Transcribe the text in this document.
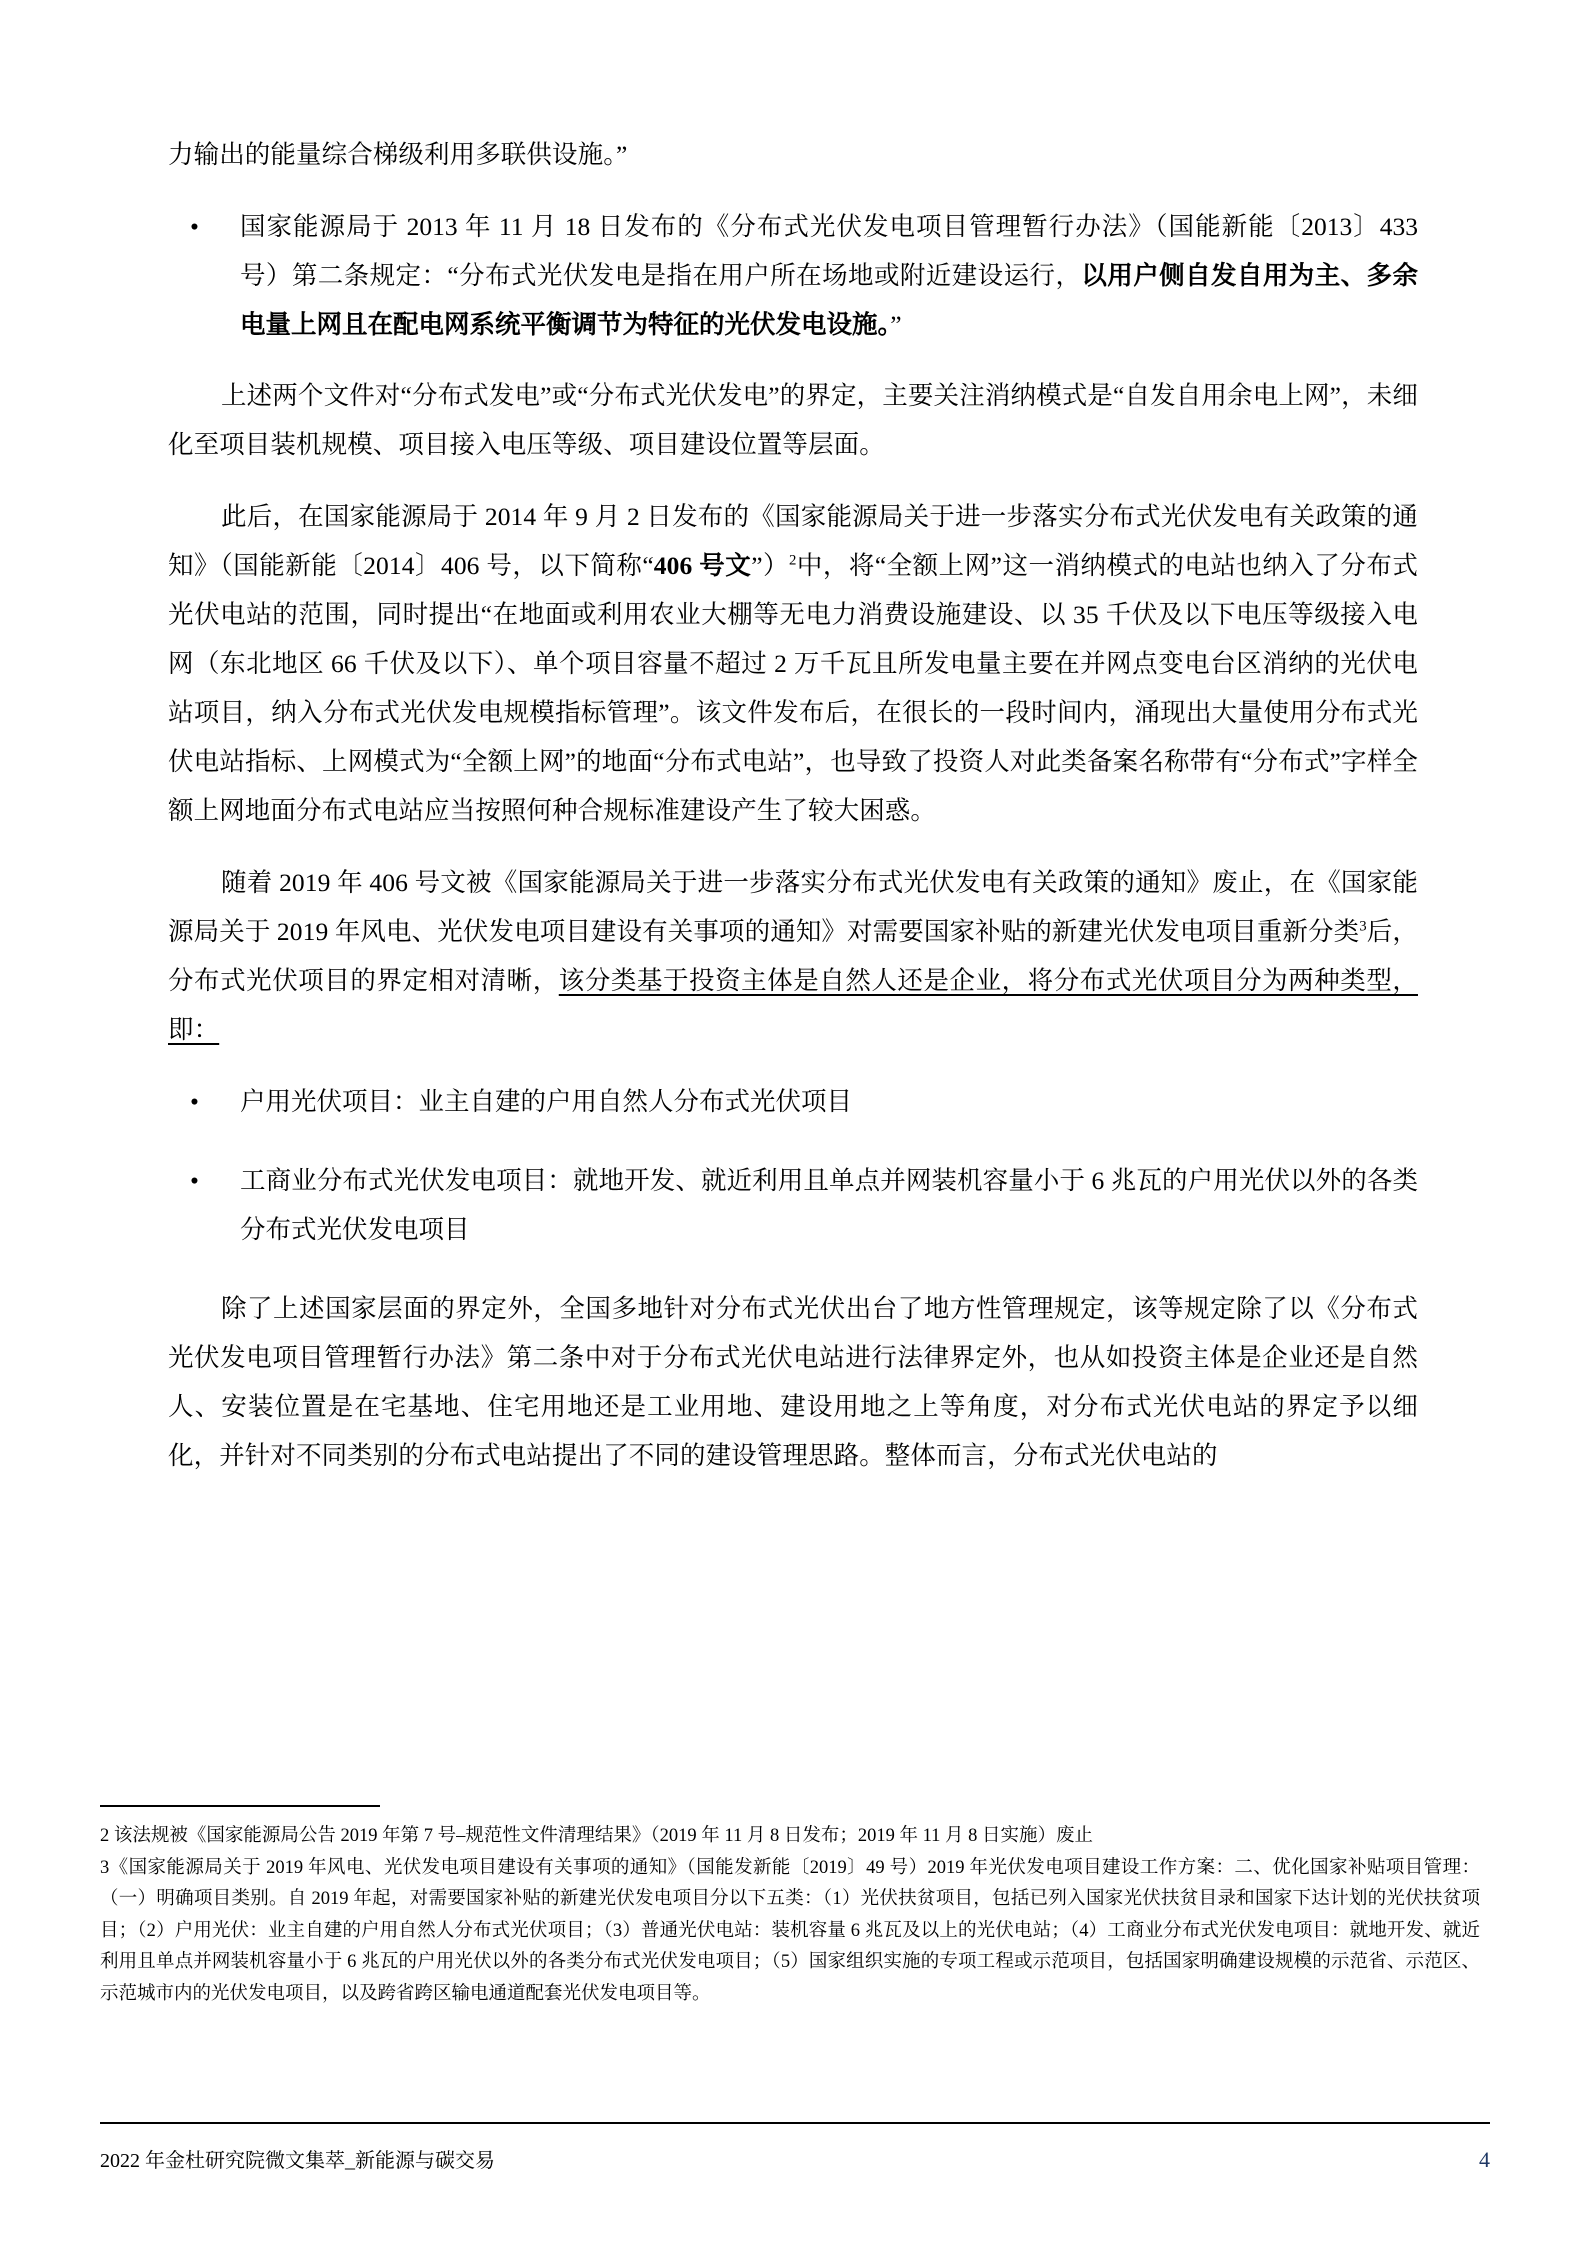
力输出的能量综合梯级利用多联供设施。”

• 国家能源局于 2013 年 11 月 18 日发布的《分布式光伏发电项目管理暂行办法》（国能新能〔2013〕433 号）第二条规定：“分布式光伏发电是指在用户所在场地或附近建设运行，以用户侧自发自用为主、多余电量上网且在配电网系统平衡调节为特征的光伏发电设施。”

上述两个文件对“分布式发电”或“分布式光伏发电”的界定，主要关注消纳模式是“自发自用余电上网”，未细化至项目装机规模、项目接入电压等级、项目建设位置等层面。

此后，在国家能源局于 2014 年 9 月 2 日发布的《国家能源局关于进一步落实分布式光伏发电有关政策的通知》（国能新能〔2014〕406 号，以下简称“406 号文”）$^2$中，将“全额上网”这一消纳模式的电站也纳入了分布式光伏电站的范围，同时提出“在地面或利用农业大棚等无电力消费设施建设、以 35 千伏及以下电压等级接入电网（东北地区 66 千伏及以下）、单个项目容量不超过 2 万千瓦且所发电量主要在并网点变电台区消纳的光伏电站项目，纳入分布式光伏发电规模指标管理”。该文件发布后，在很长的一段时间内，涌现出大量使用分布式光伏电站指标、上网模式为“全额上网”的地面“分布式电站”，也导致了投资人对此类备案名称带有“分布式”字样全额上网地面分布式电站应当按照何种合规标准建设产生了较大困惑。

随着 2019 年 406 号文被《国家能源局关于进一步落实分布式光伏发电有关政策的通知》废止，在《国家能源局关于 2019 年风电、光伏发电项目建设有关事项的通知》对需要国家补贴的新建光伏发电项目重新分类$^3$后，分布式光伏项目的界定相对清晰，该分类基于投资主体是自然人还是企业，将分布式光伏项目分为两种类型，即：

• 户用光伏项目：业主自建的户用自然人分布式光伏项目
• 工商业分布式光伏发电项目：就地开发、就近利用且单点并网装机容量小于 6 兆瓦的户用光伏以外的各类分布式光伏发电项目

除了上述国家层面的界定外，全国多地针对分布式光伏出台了地方性管理规定，该等规定除了以《分布式光伏发电项目管理暂行办法》第二条中对于分布式光伏电站进行法律界定外，也从如投资主体是企业还是自然人、安装位置是在宅基地、住宅用地还是工业用地、建设用地之上等角度，对分布式光伏电站的界定予以细化，并针对不同类别的分布式电站提出了不同的建设管理思路。整体而言，分布式光伏电站的

2 该法规被《国家能源局公告 2019 年第 7 号–规范性文件清理结果》（2019 年 11 月 8 日发布；2019 年 11 月 8 日实施）废止

3《国家能源局关于 2019 年风电、光伏发电项目建设有关事项的通知》（国能发新能〔2019〕49 号）2019 年光伏发电项目建设工作方案：二、优化国家补贴项目管理：（一）明确项目类别。自 2019 年起，对需要国家补贴的新建光伏发电项目分以下五类：（1）光伏扶贫项目，包括已列入国家光伏扶贫目录和国家下达计划的光伏扶贫项目；（2）户用光伏：业主自建的户用自然人分布式光伏项目；（3）普通光伏电站：装机容量 6 兆瓦及以上的光伏电站；（4）工商业分布式光伏发电项目：就地开发、就近利用且单点并网装机容量小于 6 兆瓦的户用光伏以外的各类分布式光伏发电项目；（5）国家组织实施的专项工程或示范项目，包括国家明确建设规模的示范省、示范区、示范城市内的光伏发电项目，以及跨省跨区输电通道配套光伏发电项目等。

2022 年金杜研究院微文集萃_新能源与碳交易	4
